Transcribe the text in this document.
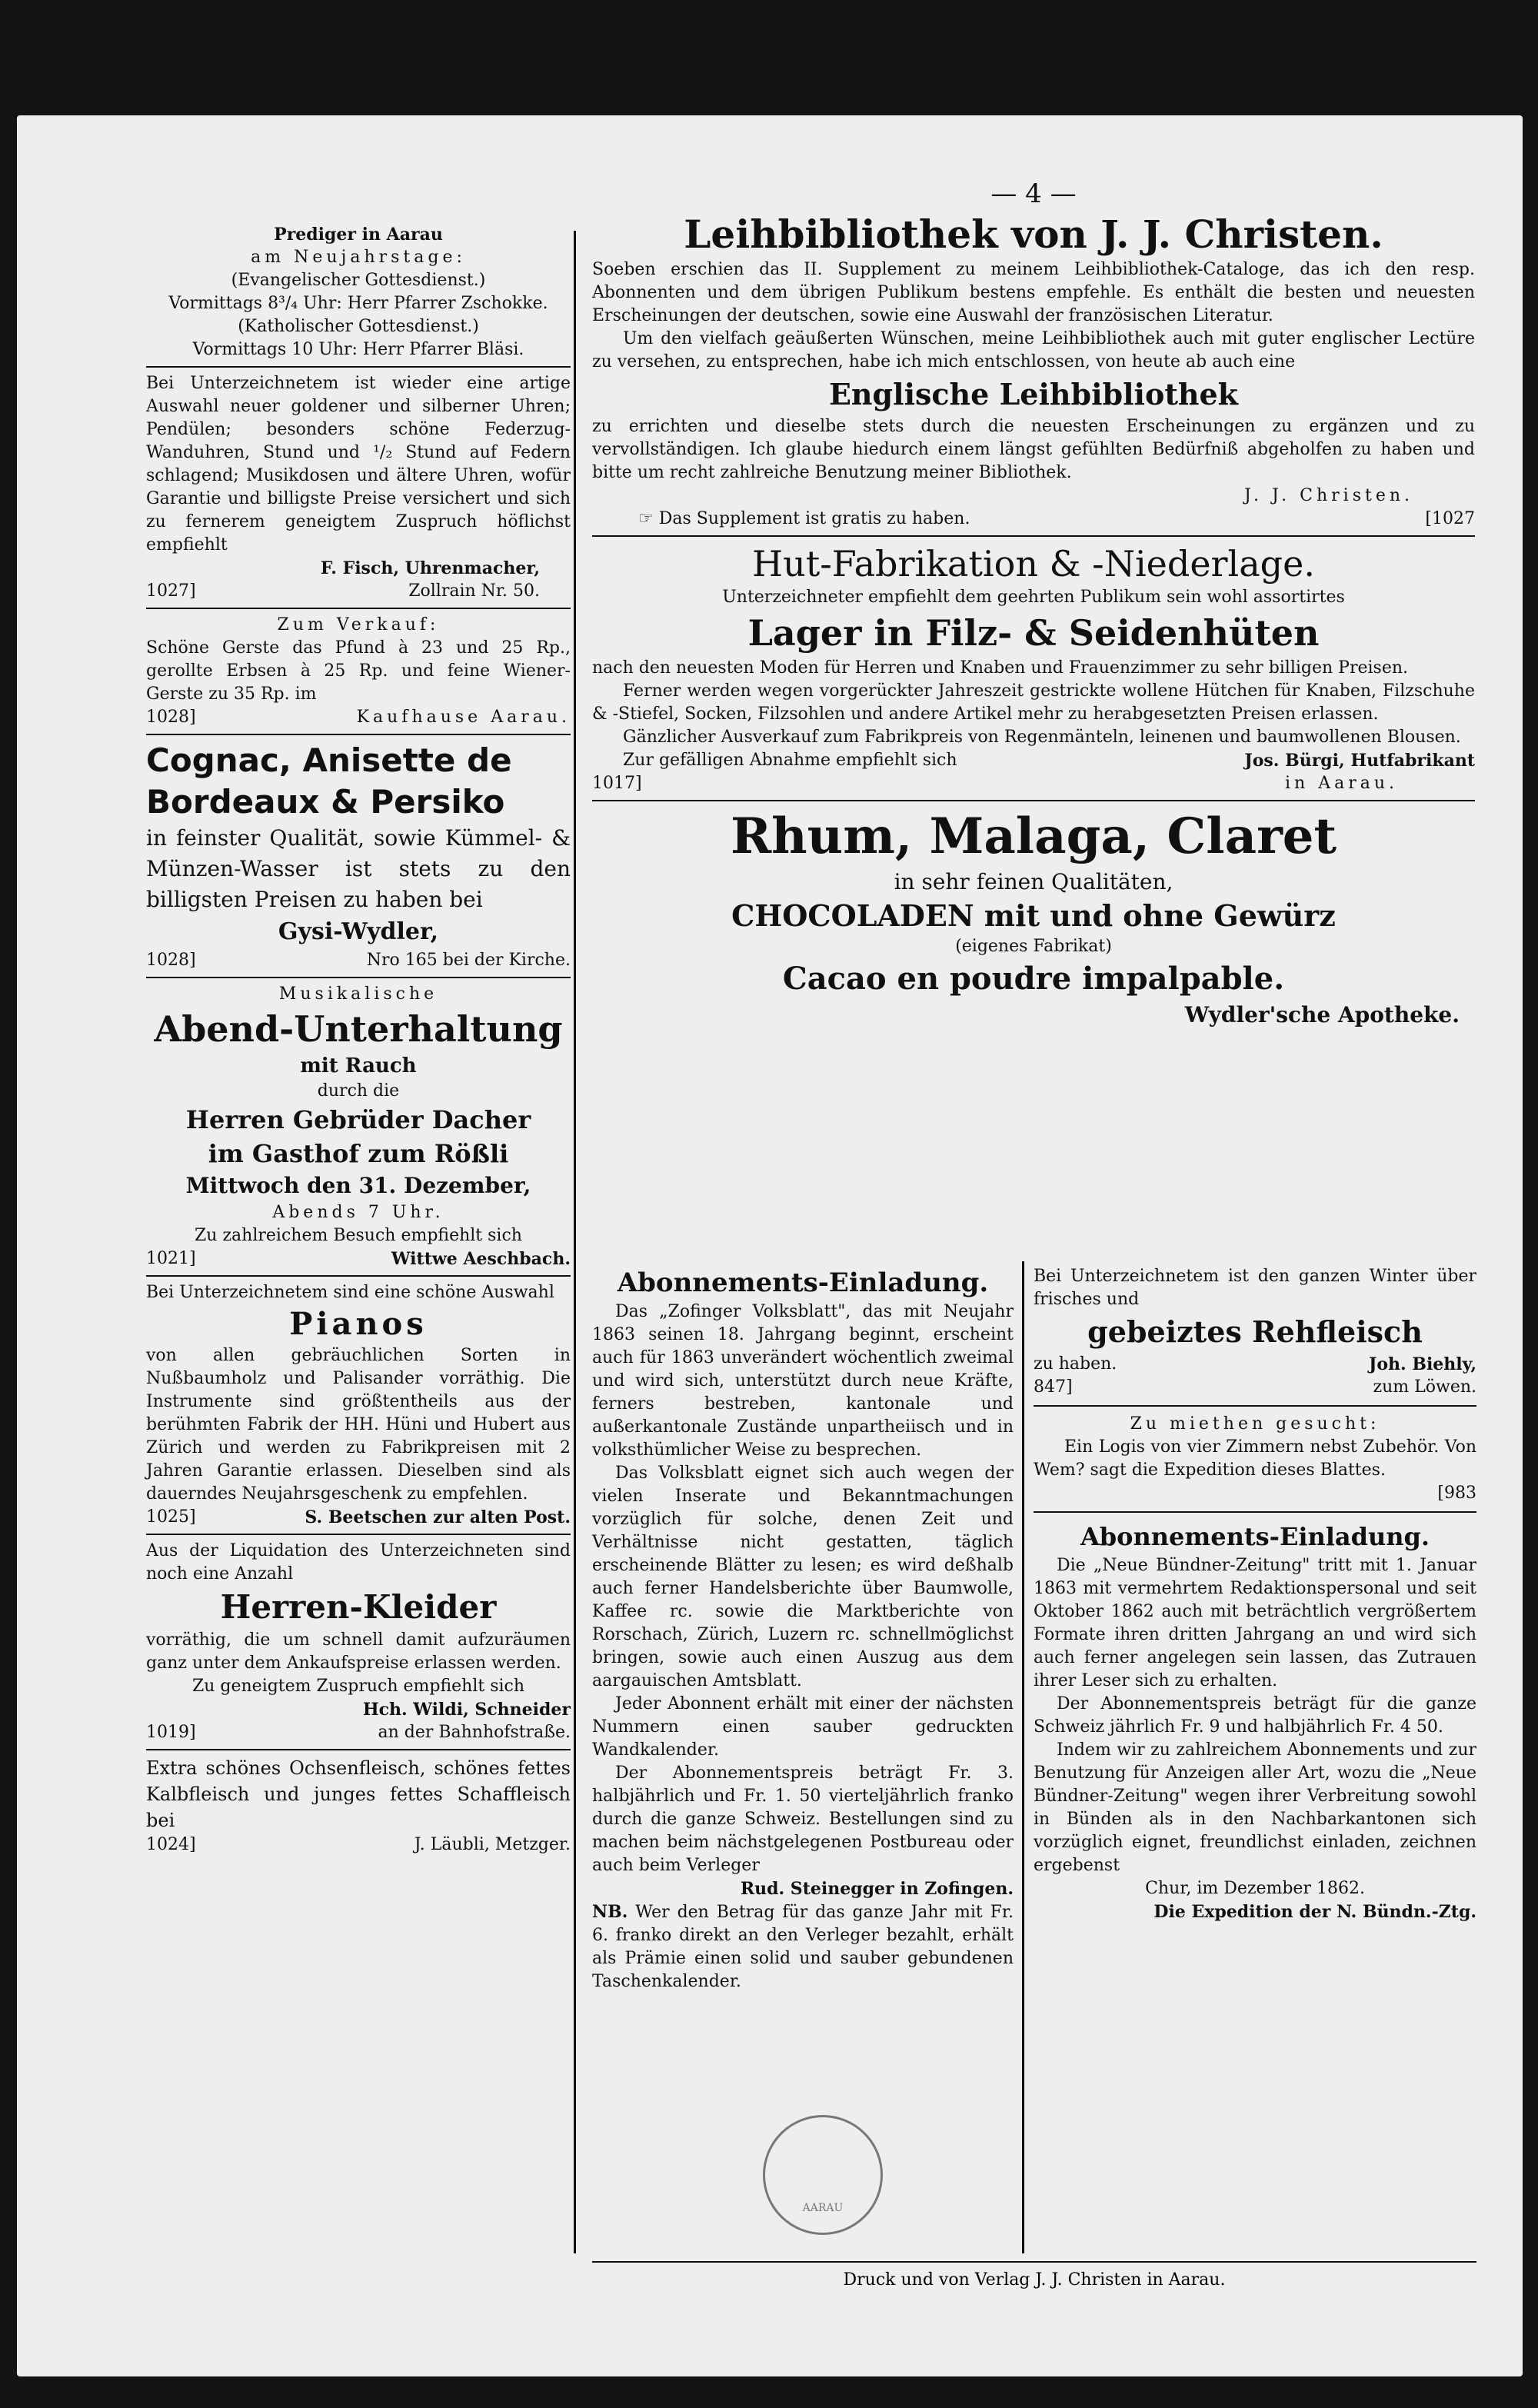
Prediger in Aarau

am Neujahrstage:

(Evangelischer Gottesdienst.)

Vormittags 8³/₄ Uhr: Herr Pfarrer Zschokke.

(Katholischer Gottesdienst.)

Vormittags 10 Uhr: Herr Pfarrer Bläsi.

Bei Unterzeichnetem ist wieder eine artige Auswahl neuer goldener und silberner Uhren; Pendülen; besonders schöne Federzug-Wanduhren, Stund und ¹/₂ Stund auf Federn schlagend; Musikdosen und ältere Uhren, wofür Garantie und billigste Preise versichert und sich zu fernerem geneigtem Zuspruch höflichst empfiehlt

F. Fisch, Uhrenmacher,

1027]	Zollrain Nr. 50.

Zum Verkauf:

Schöne Gerste das Pfund à 23 und 25 Rp., gerollte Erbsen à 25 Rp. und feine Wiener-Gerste zu 35 Rp. im

1028]	Kaufhause Aarau.

Cognac, Anisette de

Bordeaux & Persiko

in feinster Qualität, sowie Kümmel- & Münzen-Wasser ist stets zu den billigsten Preisen zu haben bei

Gysi-Wydler,

1028]	Nro 165 bei der Kirche.

Musikalische

Abend-Unterhaltung

mit Rauch

durch die

Herren Gebrüder Dacher

im Gasthof zum Rößli

Mittwoch den 31. Dezember,

Abends 7 Uhr.

Zu zahlreichem Besuch empfiehlt sich

1021]	Wittwe Aeschbach.

Bei Unterzeichnetem sind eine schöne Auswahl

Pianos

von allen gebräuchlichen Sorten in Nußbaumholz und Palisander vorräthig. Die Instrumente sind größtentheils aus der berühmten Fabrik der HH. Hüni und Hubert aus Zürich und werden zu Fabrikpreisen mit 2 Jahren Garantie erlassen. Dieselben sind als dauerndes Neujahrsgeschenk zu empfehlen.

1025]	S. Beetschen zur alten Post.

Aus der Liquidation des Unterzeichneten sind noch eine Anzahl

Herren-Kleider

vorräthig, die um schnell damit aufzuräumen ganz unter dem Ankaufspreise erlassen werden.

Zu geneigtem Zuspruch empfiehlt sich

Hch. Wildi, Schneider

1019]	an der Bahnhofstraße.

Extra schönes Ochsenfleisch, schönes fettes Kalbfleisch und junges fettes Schaffleisch bei

1024]	J. Läubli, Metzger.

— 4 —

Leihbibliothek von J. J. Christen.

Soeben erschien das II. Supplement zu meinem Leihbibliothek-Cataloge, das ich den resp. Abonnenten und dem übrigen Publikum bestens empfehle. Es enthält die besten und neuesten Erscheinungen der deutschen, sowie eine Auswahl der französischen Literatur.

Um den vielfach geäußerten Wünschen, meine Leihbibliothek auch mit guter englischer Lectüre zu versehen, zu entsprechen, habe ich mich entschlossen, von heute ab auch eine

Englische Leihbibliothek

zu errichten und dieselbe stets durch die neuesten Erscheinungen zu ergänzen und zu vervollständigen. Ich glaube hiedurch einem längst gefühlten Bedürfniß abgeholfen zu haben und bitte um recht zahlreiche Benutzung meiner Bibliothek.

J. J. Christen.

☞ Das Supplement ist gratis zu haben.	[1027

Hut-Fabrikation & -Niederlage.

Unterzeichneter empfiehlt dem geehrten Publikum sein wohl assortirtes

Lager in Filz- & Seidenhüten

nach den neuesten Moden für Herren und Knaben und Frauenzimmer zu sehr billigen Preisen.

Ferner werden wegen vorgerückter Jahreszeit gestrickte wollene Hütchen für Knaben, Filzschuhe & -Stiefel, Socken, Filzsohlen und andere Artikel mehr zu herabgesetzten Preisen erlassen.

Gänzlicher Ausverkauf zum Fabrikpreis von Regenmänteln, leinenen und baumwollenen Blousen.

Zur gefälligen Abnahme empfiehlt sich	Jos. Bürgi, Hutfabrikant

1017]	in Aarau.

Rhum, Malaga, Claret

in sehr feinen Qualitäten,

CHOCOLADEN mit und ohne Gewürz

(eigenes Fabrikat)

Cacao en poudre impalpable.

Wydler'sche Apotheke.

Abonnements-Einladung.

Das „Zofinger Volksblatt", das mit Neujahr 1863 seinen 18. Jahrgang beginnt, erscheint auch für 1863 unverändert wöchentlich zweimal und wird sich, unterstützt durch neue Kräfte, ferners bestreben, kantonale und außerkantonale Zustände unpartheiisch und in volksthümlicher Weise zu besprechen.

Das Volksblatt eignet sich auch wegen der vielen Inserate und Bekanntmachungen vorzüglich für solche, denen Zeit und Verhältnisse nicht gestatten, täglich erscheinende Blätter zu lesen; es wird deßhalb auch ferner Handelsberichte über Baumwolle, Kaffee rc. sowie die Marktberichte von Rorschach, Zürich, Luzern rc. schnellmöglichst bringen, sowie auch einen Auszug aus dem aargauischen Amtsblatt.

Jeder Abonnent erhält mit einer der nächsten Nummern einen sauber gedruckten Wandkalender.

Der Abonnementspreis beträgt Fr. 3. halbjährlich und Fr. 1. 50 vierteljährlich franko durch die ganze Schweiz. Bestellungen sind zu machen beim nächstgelegenen Postbureau oder auch beim Verleger

Rud. Steinegger in Zofingen.

NB. Wer den Betrag für das ganze Jahr mit Fr. 6. franko direkt an den Verleger bezahlt, erhält als Prämie einen solid und sauber gebundenen Taschenkalender.

Bei Unterzeichnetem ist den ganzen Winter über frisches und

gebeiztes Rehfleisch

zu haben.	Joh. Biehly,

847]	zum Löwen.

Zu miethen gesucht:

Ein Logis von vier Zimmern nebst Zubehör. Von Wem? sagt die Expedition dieses Blattes.

[983

Abonnements-Einladung.

Die „Neue Bündner-Zeitung" tritt mit 1. Januar 1863 mit vermehrtem Redaktionspersonal und seit Oktober 1862 auch mit beträchtlich vergrößertem Formate ihren dritten Jahrgang an und wird sich auch ferner angelegen sein lassen, das Zutrauen ihrer Leser sich zu erhalten.

Der Abonnementspreis beträgt für die ganze Schweiz jährlich Fr. 9 und halbjährlich Fr. 4 50.

Indem wir zu zahlreichem Abonnements und zur Benutzung für Anzeigen aller Art, wozu die „Neue Bündner-Zeitung" wegen ihrer Verbreitung sowohl in Bünden als in den Nachbarkantonen sich vorzüglich eignet, freundlichst einladen, zeichnen ergebenst

Chur, im Dezember 1862.

Die Expedition der N. Bündn.-Ztg.

Druck und von Verlag J. J. Christen in Aarau.

AARAU
